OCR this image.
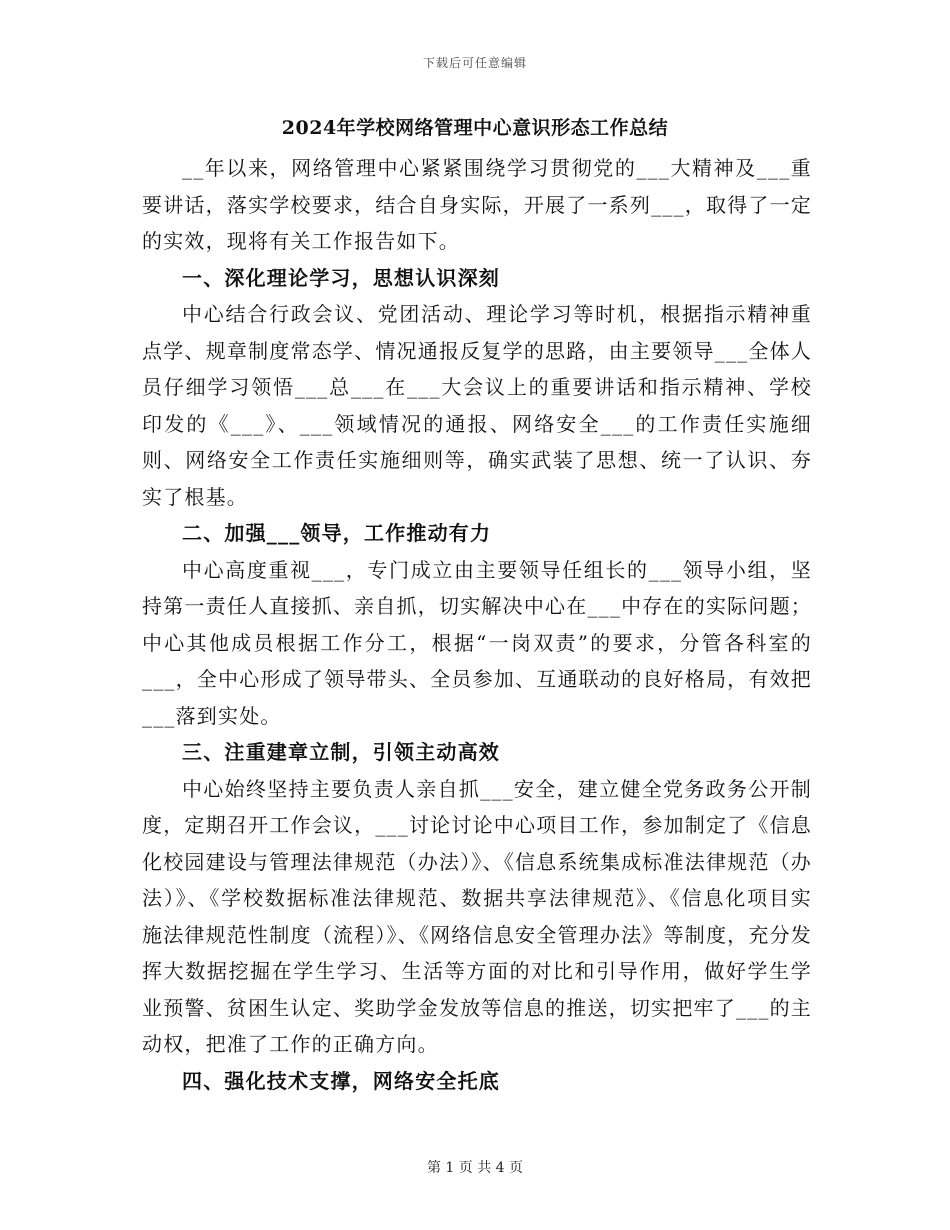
下载后可任意编辑
2024年学校网络管理中心意识形态工作总结

__年以来，网络管理中心紧紧围绕学习贯彻党的___大精神及___重要讲话，落实学校要求，结合自身实际，开展了一系列___，取得了一定的实效，现将有关工作报告如下。

一、深化理论学习，思想认识深刻

中心结合行政会议、党团活动、理论学习等时机，根据指示精神重点学、规章制度常态学、情况通报反复学的思路，由主要领导___全体人员仔细学习领悟___总___在___大会议上的重要讲话和指示精神、学校印发的《___》、___领域情况的通报、网络安全___的工作责任实施细则、网络安全工作责任实施细则等，确实武装了思想、统一了认识、夯实了根基。

二、加强___领导，工作推动有力

中心高度重视___，专门成立由主要领导任组长的___领导小组，坚持第一责任人直接抓、亲自抓，切实解决中心在___中存在的实际问题；中心其他成员根据工作分工，根据“一岗双责”的要求，分管各科室的___，全中心形成了领导带头、全员参加、互通联动的良好格局，有效把___落到实处。

三、注重建章立制，引领主动高效

中心始终坚持主要负责人亲自抓___安全，建立健全党务政务公开制度，定期召开工作会议，___讨论讨论中心项目工作，参加制定了《信息化校园建设与管理法律规范（办法）》、《信息系统集成标准法律规范（办法）》、《学校数据标准法律规范、数据共享法律规范》、《信息化项目实施法律规范性制度（流程）》、《网络信息安全管理办法》等制度，充分发挥大数据挖掘在学生学习、生活等方面的对比和引导作用，做好学生学业预警、贫困生认定、奖助学金发放等信息的推送，切实把牢了___的主动权，把准了工作的正确方向。

四、强化技术支撑，网络安全托底
第 1 页 共 4 页
